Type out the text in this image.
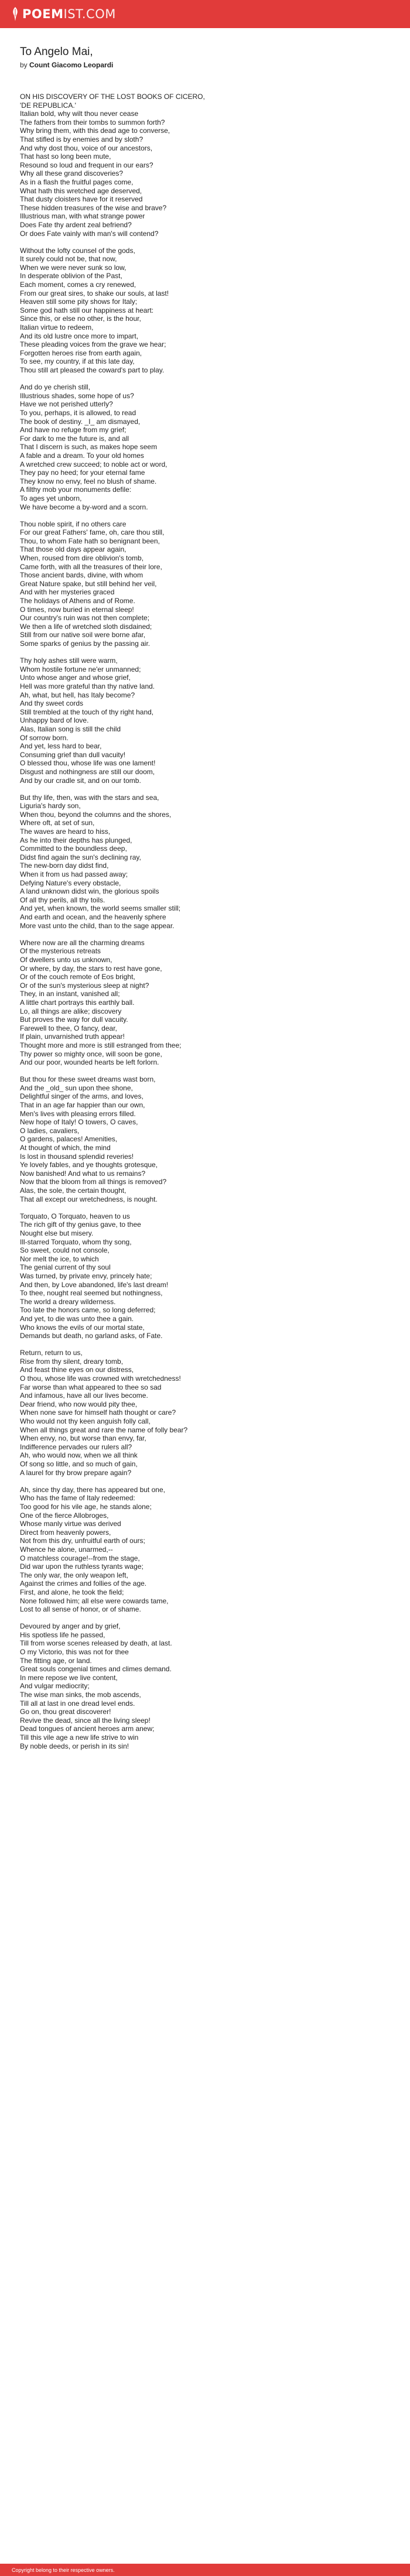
POEMIST.COM
To Angelo Mai,
by Count Giacomo Leopardi
ON HIS DISCOVERY OF THE LOST BOOKS OF CICERO,
'DE REPUBLICA.'
Italian bold, why wilt thou never cease
The fathers from their tombs to summon forth?
Why bring them, with this dead age to converse,
That stifled is by enemies and by sloth?
And why dost thou, voice of our ancestors,
That hast so long been mute,
Resound so loud and frequent in our ears?
Why all these grand discoveries?
As in a flash the fruitful pages come,
What hath this wretched age deserved,
That dusty cloisters have for it reserved
These hidden treasures of the wise and brave?
Illustrious man, with what strange power
Does Fate thy ardent zeal befriend?
Or does Fate vainly with man's will contend?
Without the lofty counsel of the gods,
It surely could not be, that now,
When we were never sunk so low,
In desperate oblivion of the Past,
Each moment, comes a cry renewed,
From our great sires, to shake our souls, at last!
Heaven still some pity shows for Italy;
Some god hath still our happiness at heart:
Since this, or else no other, is the hour,
Italian virtue to redeem,
And its old lustre once more to impart,
These pleading voices from the grave we hear;
Forgotten heroes rise from earth again,
To see, my country, if at this late day,
Thou still art pleased the coward's part to play.
And do ye cherish still,
Illustrious shades, some hope of us?
Have we not perished utterly?
To you, perhaps, it is allowed, to read
The book of destiny. _I_ am dismayed,
And have no refuge from my grief;
For dark to me the future is, and all
That I discern is such, as makes hope seem
A fable and a dream. To your old homes
A wretched crew succeed; to noble act or word,
They pay no heed; for your eternal fame
They know no envy, feel no blush of shame.
A filthy mob your monuments defile:
To ages yet unborn,
We have become a by-word and a scorn.
Thou noble spirit, if no others care
For our great Fathers' fame, oh, care thou still,
Thou, to whom Fate hath so benignant been,
That those old days appear again,
When, roused from dire oblivion's tomb,
Came forth, with all the treasures of their lore,
Those ancient bards, divine, with whom
Great Nature spake, but still behind her veil,
And with her mysteries graced
The holidays of Athens and of Rome.
O times, now buried in eternal sleep!
Our country's ruin was not then complete;
We then a life of wretched sloth disdained;
Still from our native soil were borne afar,
Some sparks of genius by the passing air.
Thy holy ashes still were warm,
Whom hostile fortune ne'er unmanned;
Unto whose anger and whose grief,
Hell was more grateful than thy native land.
Ah, what, but hell, has Italy become?
And thy sweet cords
Still trembled at the touch of thy right hand,
Unhappy bard of love.
Alas, Italian song is still the child
Of sorrow born.
And yet, less hard to bear,
Consuming grief than dull vacuity!
O blessed thou, whose life was one lament!
Disgust and nothingness are still our doom,
And by our cradle sit, and on our tomb.
But thy life, then, was with the stars and sea,
Liguria's hardy son,
When thou, beyond the columns and the shores,
Where oft, at set of sun,
The waves are heard to hiss,
As he into their depths has plunged,
Committed to the boundless deep,
Didst find again the sun's declining ray,
The new-born day didst find,
When it from us had passed away;
Defying Nature's every obstacle,
A land unknown didst win, the glorious spoils
Of all thy perils, all thy toils.
And yet, when known, the world seems smaller still;
And earth and ocean, and the heavenly sphere
More vast unto the child, than to the sage appear.
Where now are all the charming dreams
Of the mysterious retreats
Of dwellers unto us unknown,
Or where, by day, the stars to rest have gone,
Or of the couch remote of Eos bright,
Or of the sun's mysterious sleep at night?
They, in an instant, vanished all;
A little chart portrays this earthly ball.
Lo, all things are alike; discovery
But proves the way for dull vacuity.
Farewell to thee, O fancy, dear,
If plain, unvarnished truth appear!
Thought more and more is still estranged from thee;
Thy power so mighty once, will soon be gone,
And our poor, wounded hearts be left forlorn.
But thou for these sweet dreams wast born,
And the _old_ sun upon thee shone,
Delightful singer of the arms, and loves,
That in an age far happier than our own,
Men's lives with pleasing errors filled.
New hope of Italy! O towers, O caves,
O ladies, cavaliers,
O gardens, palaces! Amenities,
At thought of which, the mind
Is lost in thousand splendid reveries!
Ye lovely fables, and ye thoughts grotesque,
Now banished! And what to us remains?
Now that the bloom from all things is removed?
Alas, the sole, the certain thought,
That all except our wretchedness, is nought.
Torquato, O Torquato, heaven to us
The rich gift of thy genius gave, to thee
Nought else but misery.
Ill-starred Torquato, whom thy song,
So sweet, could not console,
Nor melt the ice, to which
The genial current of thy soul
Was turned, by private envy, princely hate;
And then, by Love abandoned, life's last dream!
To thee, nought real seemed but nothingness,
The world a dreary wilderness.
Too late the honors came, so long deferred;
And yet, to die was unto thee a gain.
Who knows the evils of our mortal state,
Demands but death, no garland asks, of Fate.
Return, return to us,
Rise from thy silent, dreary tomb,
And feast thine eyes on our distress,
O thou, whose life was crowned with wretchedness!
Far worse than what appeared to thee so sad
And infamous, have all our lives become.
Dear friend, who now would pity thee,
When none save for himself hath thought or care?
Who would not thy keen anguish folly call,
When all things great and rare the name of folly bear?
When envy, no, but worse than envy, far,
Indifference pervades our rulers all?
Ah, who would now, when we all think
Of song so little, and so much of gain,
A laurel for thy brow prepare again?
Ah, since thy day, there has appeared but one,
Who has the fame of Italy redeemed:
Too good for his vile age, he stands alone;
One of the fierce Allobroges,
Whose manly virtue was derived
Direct from heavenly powers,
Not from this dry, unfruitful earth of ours;
Whence he alone, unarmed,--
O matchless courage!--from the stage,
Did war upon the ruthless tyrants wage;
The only war, the only weapon left,
Against the crimes and follies of the age.
First, and alone, he took the field;
None followed him; all else were cowards tame,
Lost to all sense of honor, or of shame.
Devoured by anger and by grief,
His spotless life he passed,
Till from worse scenes released by death, at last.
O my Victorio, this was not for thee
The fitting age, or land.
Great souls congenial times and climes demand.
In mere repose we live content,
And vulgar mediocrity;
The wise man sinks, the mob ascends,
Till all at last in one dread level ends.
Go on, thou great discoverer!
Revive the dead, since all the living sleep!
Dead tongues of ancient heroes arm anew;
Till this vile age a new life strive to win
By noble deeds, or perish in its sin!
Copyright belong to their respective owners.
